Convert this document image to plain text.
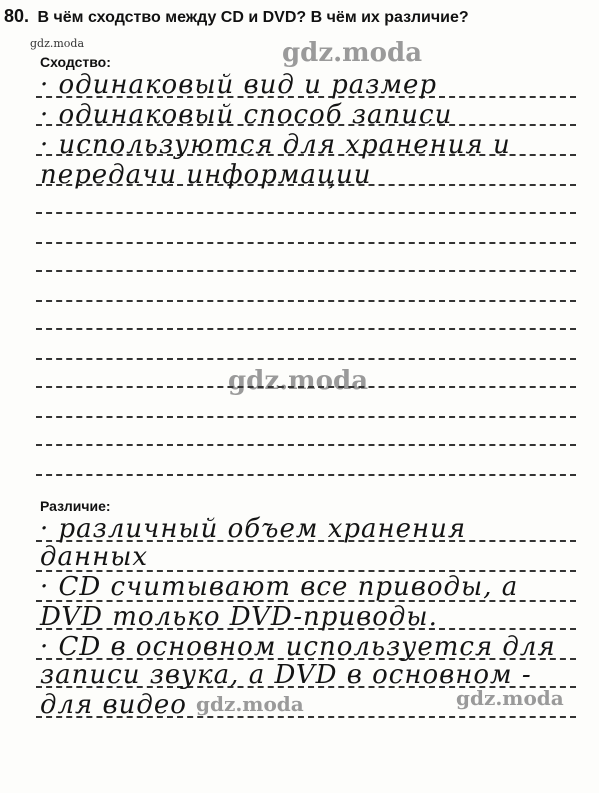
80. В чём сходство между CD и DVD? В чём их различие?
gdz.moda	gdz.moda
gdz.moda
gdz.moda	gdz.moda
Сходство:
· одинаковый вид и размер
· одинаковый способ записи
· используются для хранения и
передачи информации
Различие:
· различный объем хранения
данных
· CD считывают все приводы, а
DVD только DVD-приводы.
· CD в основном используется для
записи звука, а DVD в основном -
для видео
